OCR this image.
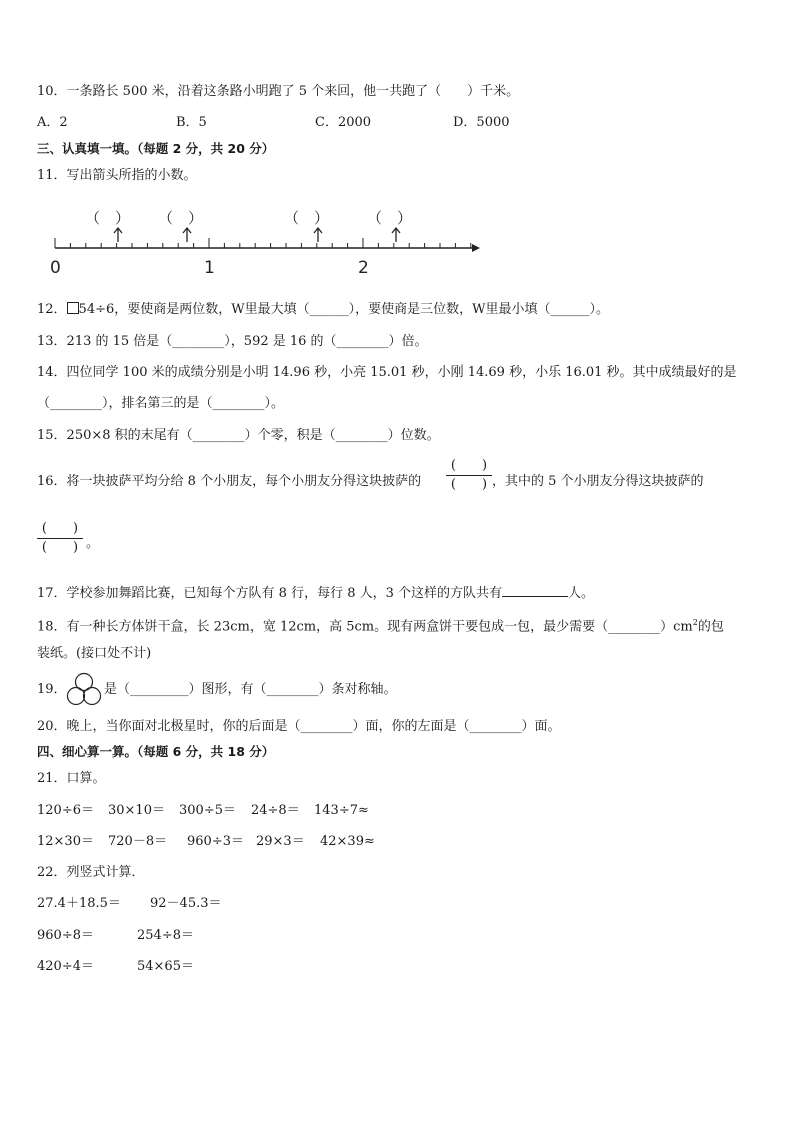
10．一条路长 500 米，沿着这条路小明跑了 5 个来回，他一共跑了（　　）千米。
A．2	B．5	C．2000	D．5000
三、认真填一填。（每题 2 分，共 20 分）
11．写出箭头所指的小数。
（　） （　）	（　）	（　）
0	1	2
12． 54÷6，要使商是两位数，W里最大填（______），要使商是三位数，W里最小填（______）。
13．213 的 15 倍是（________），592 是 16 的（________）倍。
14．四位同学 100 米的成绩分别是小明 14.96 秒，小亮 15.01 秒，小刚 14.69 秒，小乐 16.01 秒。其中成绩最好的是
（________），排名第三的是（________）。
15．250×8 积的末尾有（________）个零，积是（________）位数。
16．将一块披萨平均分给 8 个小朋友，每个小朋友分得这块披萨的
(　　)
(　　) ，其中的 5 个小朋友分得这块披萨的
(　　)
(　　) 。
17．学校参加舞蹈比赛，已知每个方队有 8 行，每行 8 人，3 个这样的方队共有	人。
18．有一种长方体饼干盒，长 23cm，宽 12cm，高 5cm。现有两盒饼干要包成一包，最少需要$(\_\_\_\_\_\_\_\_)cm^2$的包
装纸。(接口处不计)
19．	是（_________）图形，有（________）条对称轴。
20．晚上，当你面对北极星时，你的后面是（________）面，你的左面是（________）面。
四、细心算一算。（每题 6 分，共 18 分）
21．口算。
120÷6＝ 30×10＝ 300÷5＝ 24÷8＝ 143÷7≈
12×30＝ 720－8＝ 960÷3＝ 29×3＝ 42×39≈
22．列竖式计算．
27.4＋18.5＝ 92－45.3＝
960÷8＝	254÷8＝
420÷4＝	54×65＝
